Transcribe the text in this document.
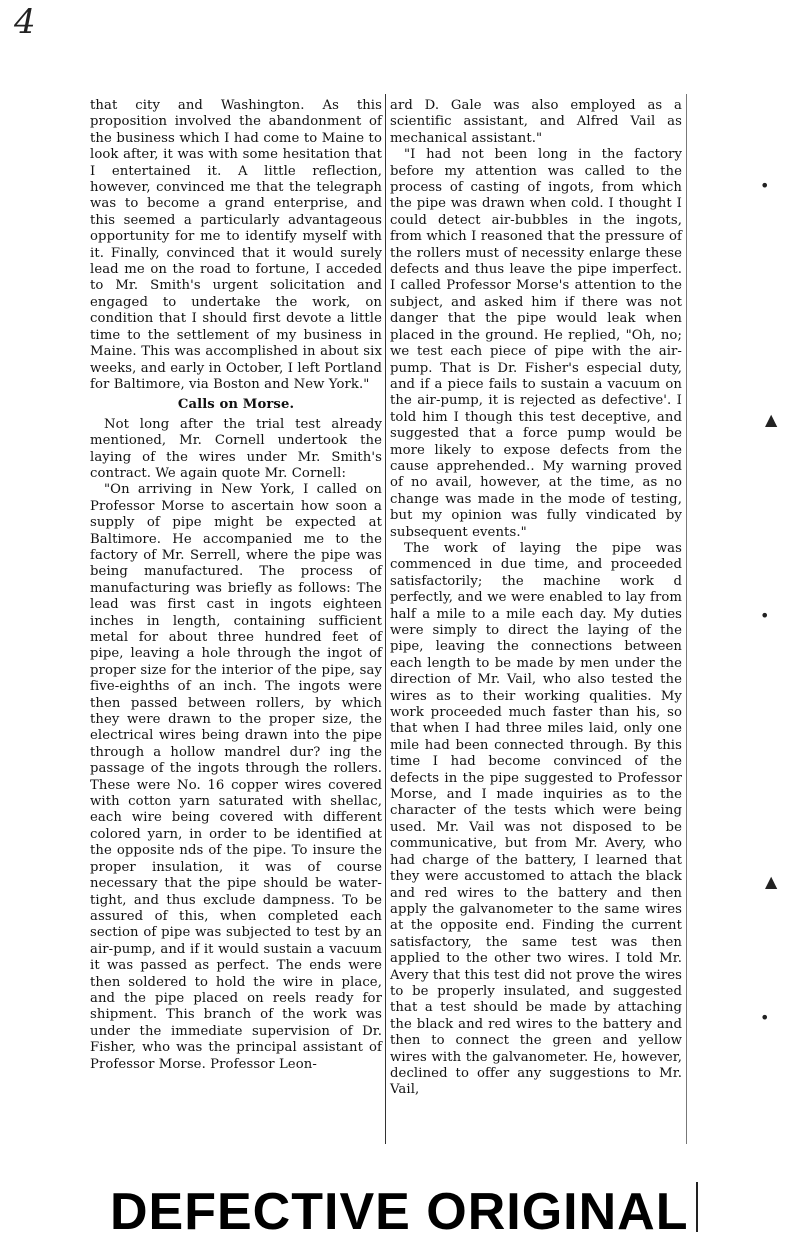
4

that city and Washington. As this proposition involved the abandonment of the business which I had come to Maine to look after, it was with some hesitation that I entertained it. A little reflection, however, convinced me that the telegraph was to become a grand enterprise, and this seemed a particularly advantageous opportunity for me to identify myself with it. Finally, convinced that it would surely lead me on the road to fortune, I acceded to Mr. Smith's urgent solicitation and engaged to undertake the work, on condition that I should first devote a little time to the settlement of my business in Maine. This was accomplished in about six weeks, and early in October, I left Portland for Baltimore, via Boston and New York."

Calls on Morse.

Not long after the trial test already mentioned, Mr. Cornell undertook the laying of the wires under Mr. Smith's contract. We again quote Mr. Cornell:

"On arriving in New York, I called on Professor Morse to ascertain how soon a supply of pipe might be expected at Baltimore. He accompanied me to the factory of Mr. Serrell, where the pipe was being manufactured. The process of manufacturing was briefly as follows: The lead was first cast in ingots eighteen inches in length, containing sufficient metal for about three hundred feet of pipe, leaving a hole through the ingot of proper size for the interior of the pipe, say five-eighths of an inch. The ingots were then passed between rollers, by which they were drawn to the proper size, the electrical wires being drawn into the pipe through a hollow mandrel dur? ing the passage of the ingots through the rollers. These were No. 16 copper wires covered with cotton yarn saturated with shellac, each wire being covered with different colored yarn, in order to be identified at the opposite nds of the pipe. To insure the proper insulation, it was of course necessary that the pipe should be water-tight, and thus exclude dampness. To be assured of this, when completed each section of pipe was subjected to test by an air-pump, and if it would sustain a vacuum it was passed as perfect. The ends were then soldered to hold the wire in place, and the pipe placed on reels ready for shipment. This branch of the work was under the immediate supervision of Dr. Fisher, who was the principal assistant of Professor Morse. Professor Leon-

ard D. Gale was also employed as a scientific assistant, and Alfred Vail as mechanical assistant."

"I had not been long in the factory before my attention was called to the process of casting of ingots, from which the pipe was drawn when cold. I thought I could detect air-bubbles in the ingots, from which I reasoned that the pressure of the rollers must of necessity enlarge these defects and thus leave the pipe imperfect. I called Professor Morse's attention to the subject, and asked him if there was not danger that the pipe would leak when placed in the ground. He replied, "Oh, no; we test each piece of pipe with the air-pump. That is Dr. Fisher's especial duty, and if a piece fails to sustain a vacuum on the air-pump, it is rejected as defective'. I told him I though this test deceptive, and suggested that a force pump would be more likely to expose defects from the cause apprehended.. My warning proved of no avail, however, at the time, as no change was made in the mode of testing, but my opinion was fully vindicated by subsequent events."

The work of laying the pipe was commenced in due time, and proceeded satisfactorily; the machine work d perfectly, and we were enabled to lay from half a mile to a mile each day. My duties were simply to direct the laying of the pipe, leaving the connections between each length to be made by men under the direction of Mr. Vail, who also tested the wires as to their working qualities. My work proceeded much faster than his, so that when I had three miles laid, only one mile had been connected through. By this time I had become convinced of the defects in the pipe suggested to Professor Morse, and I made inquiries as to the character of the tests which were being used. Mr. Vail was not disposed to be communicative, but from Mr. Avery, who had charge of the battery, I learned that they were accustomed to attach the black and red wires to the battery and then apply the galvanometer to the same wires at the opposite end. Finding the current satisfactory, the same test was then applied to the other two wires. I told Mr. Avery that this test did not prove the wires to be properly insulated, and suggested that a test should be made by attaching the black and red wires to the battery and then to connect the green and yellow wires with the galvanometer. He, however, declined to offer any suggestions to Mr. Vail,

•
▲
•
▲
•
DEFECTIVE ORIGINAL
